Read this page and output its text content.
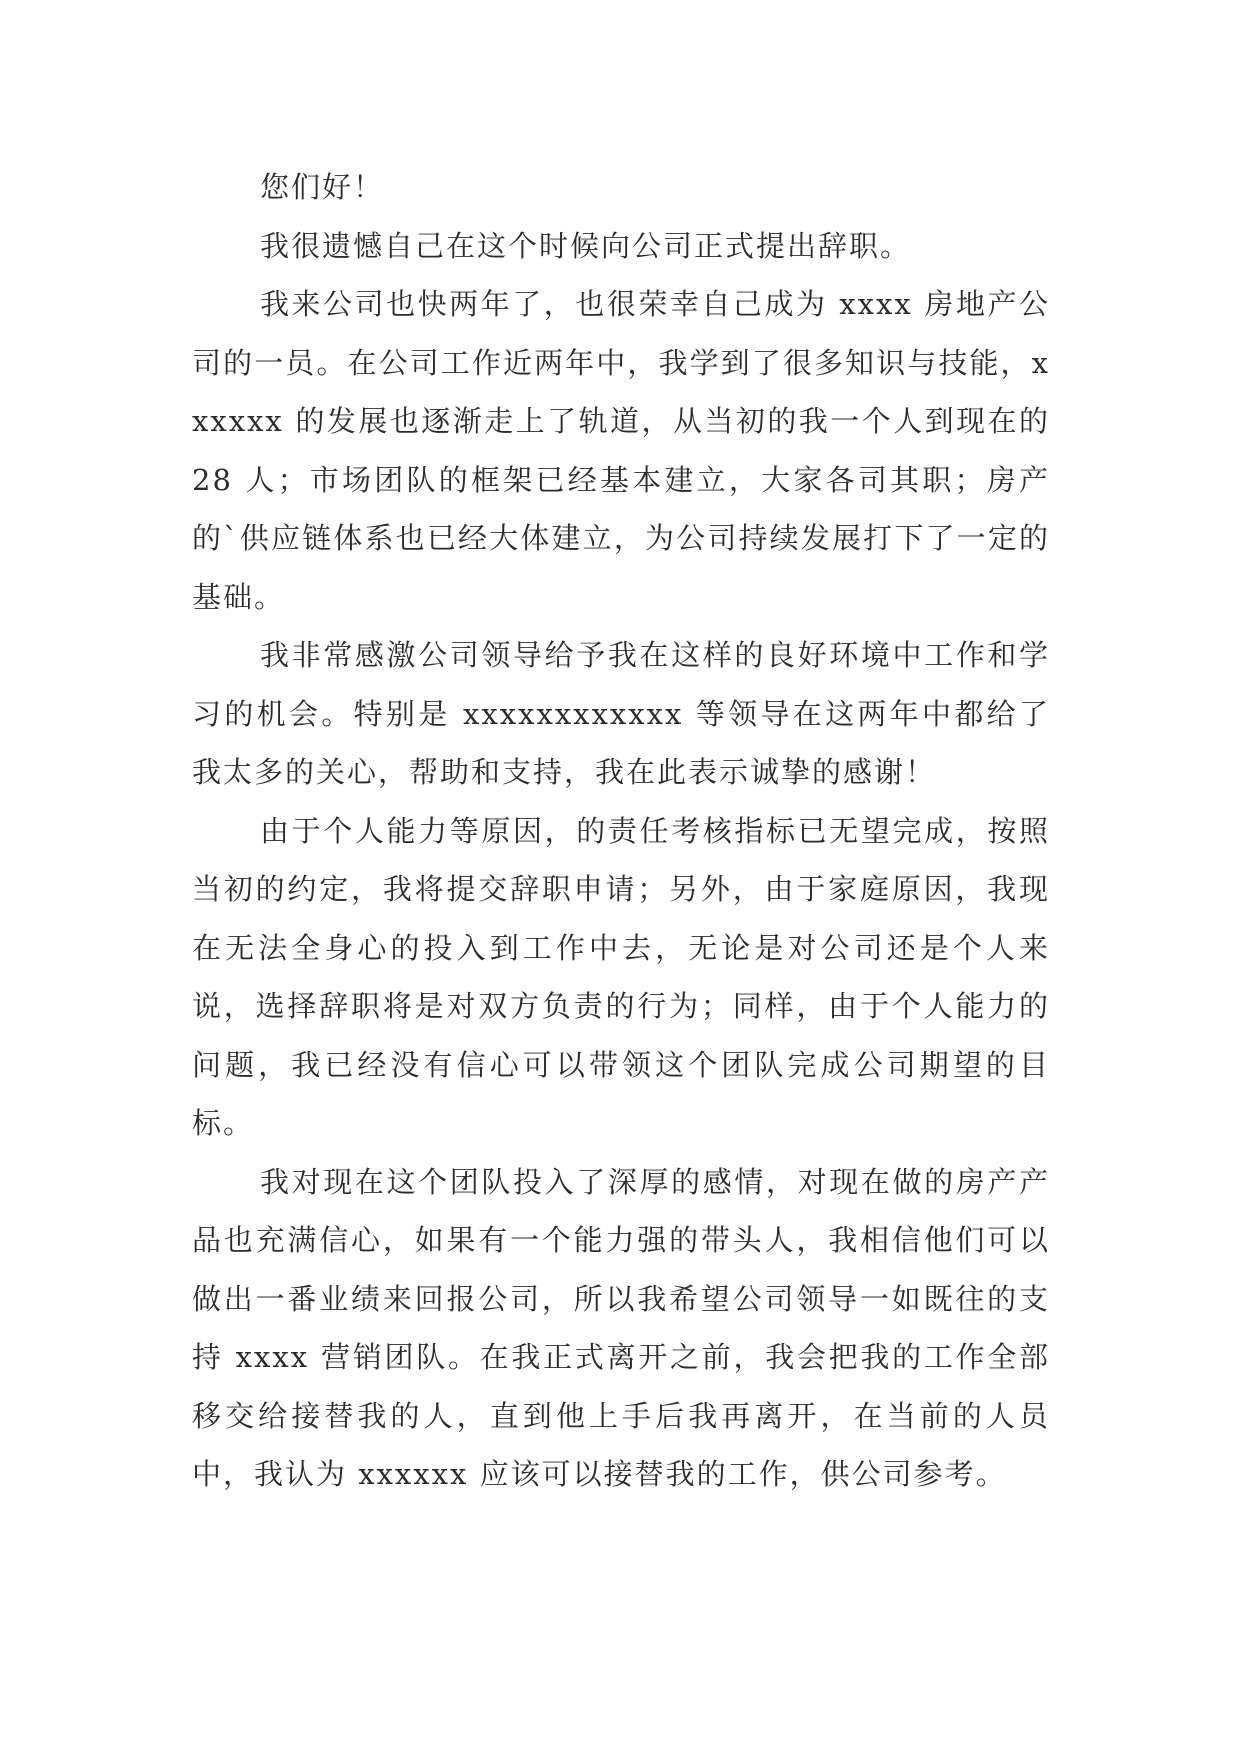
您们好！

我很遗憾自己在这个时候向公司正式提出辞职。

我来公司也快两年了，也很荣幸自己成为 xxxx 房地产公司的一员。在公司工作近两年中，我学到了很多知识与技能，xxxxxx 的发展也逐渐走上了轨道，从当初的我一个人到现在的 28 人；市场团队的框架已经基本建立，大家各司其职；房产的`供应链体系也已经大体建立，为公司持续发展打下了一定的基础。

我非常感激公司领导给予我在这样的良好环境中工作和学习的机会。特别是 xxxxxxxxxxxx 等领导在这两年中都给了我太多的关心，帮助和支持，我在此表示诚挚的感谢！

由于个人能力等原因，的责任考核指标已无望完成，按照当初的约定，我将提交辞职申请；另外，由于家庭原因，我现在无法全身心的投入到工作中去，无论是对公司还是个人来说，选择辞职将是对双方负责的行为；同样，由于个人能力的问题，我已经没有信心可以带领这个团队完成公司期望的目标。

我对现在这个团队投入了深厚的感情，对现在做的房产产品也充满信心，如果有一个能力强的带头人，我相信他们可以做出一番业绩来回报公司，所以我希望公司领导一如既往的支持 xxxx 营销团队。在我正式离开之前，我会把我的工作全部移交给接替我的人，直到他上手后我再离开，在当前的人员中，我认为 xxxxxx 应该可以接替我的工作，供公司参考。
